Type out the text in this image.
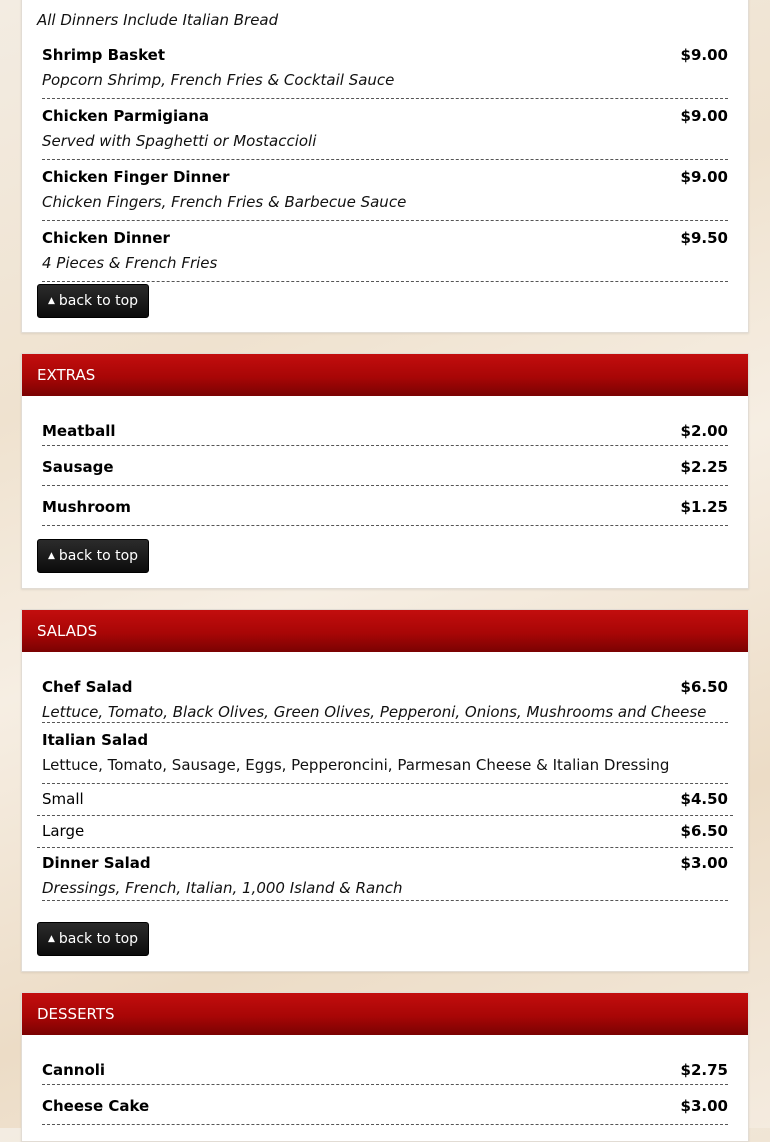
All Dinners Include Italian Bread
Shrimp Basket	$9.00
Popcorn Shrimp, French Fries & Cocktail Sauce
Chicken Parmigiana	$9.00
Served with Spaghetti or Mostaccioli
Chicken Finger Dinner	$9.00
Chicken Fingers, French Fries & Barbecue Sauce
Chicken Dinner	$9.50
4 Pieces & French Fries
▲ back to top
EXTRAS
Meatball	$2.00
Sausage	$2.25
Mushroom	$1.25
▲ back to top
SALADS
Chef Salad	$6.50
Lettuce, Tomato, Black Olives, Green Olives, Pepperoni, Onions, Mushrooms and Cheese
Italian Salad
Lettuce, Tomato, Sausage, Eggs, Pepperoncini, Parmesan Cheese & Italian Dressing
Small	$4.50
Large	$6.50
Dinner Salad	$3.00
Dressings, French, Italian, 1,000 Island & Ranch
▲ back to top
DESSERTS
Cannoli	$2.75
Cheese Cake	$3.00
